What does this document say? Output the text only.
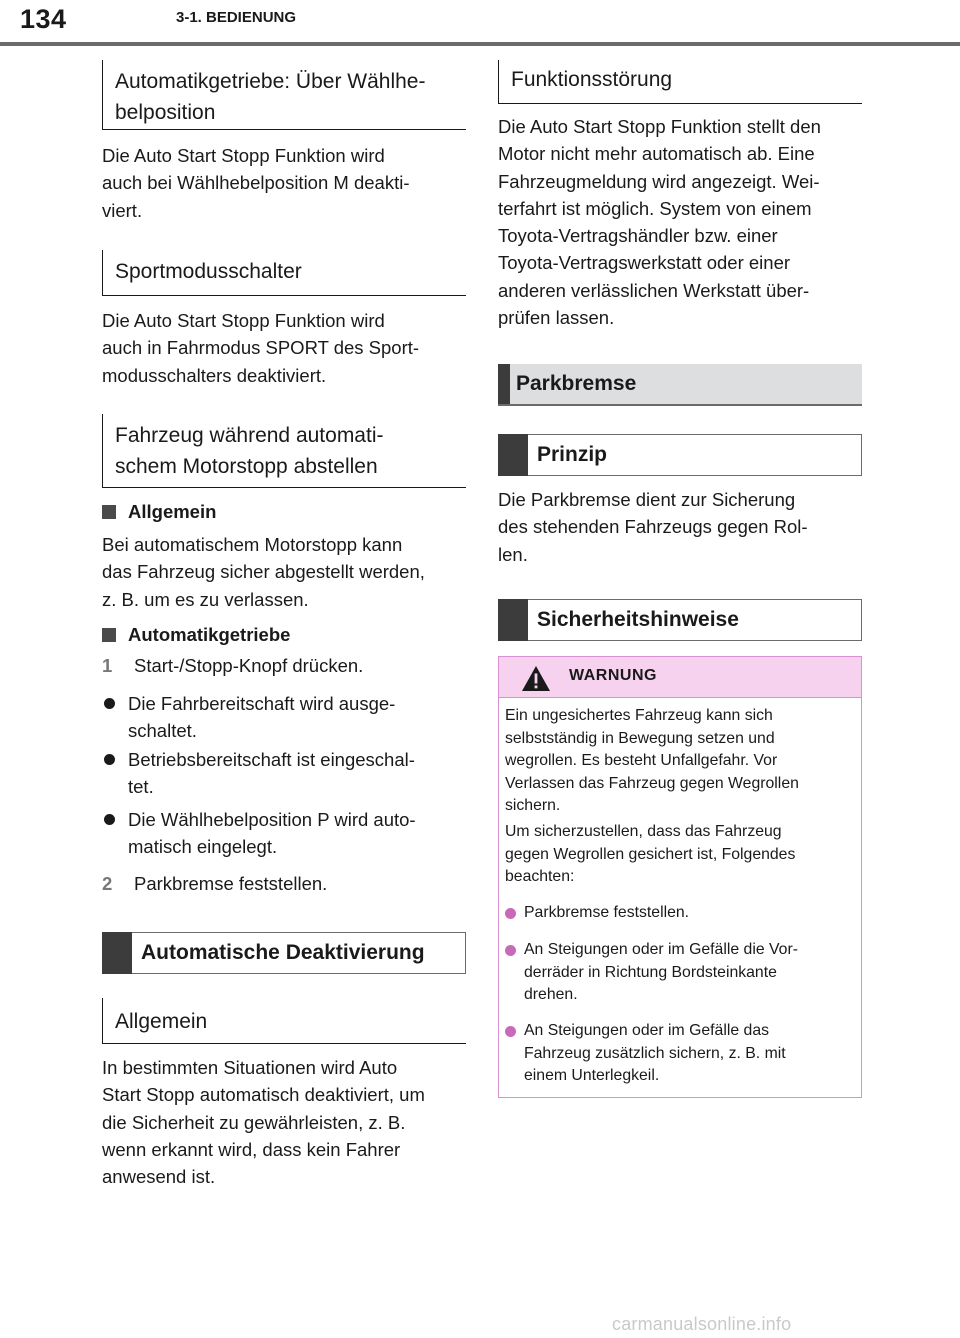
134	3-1. BEDIENUNG
Automatikgetriebe: Über Wählhe-
belposition
Die Auto Start Stopp Funktion wird
auch bei Wählhebelposition M deakti-
viert.
Sportmodusschalter
Die Auto Start Stopp Funktion wird
auch in Fahrmodus SPORT des Sport-
modusschalters deaktiviert.
Fahrzeug während automati-
schem Motorstopp abstellen
Allgemein
Bei automatischem Motorstopp kann
das Fahrzeug sicher abgestellt werden,
z. B. um es zu verlassen.
Automatikgetriebe
1 Start-/Stopp-Knopf drücken.
Die Fahrbereitschaft wird ausge-
schaltet.
Betriebsbereitschaft ist eingeschal-
tet.
Die Wählhebelposition P wird auto-
matisch eingelegt.
2 Parkbremse feststellen.
Automatische Deaktivierung
Allgemein
In bestimmten Situationen wird Auto
Start Stopp automatisch deaktiviert, um
die Sicherheit zu gewährleisten, z. B.
wenn erkannt wird, dass kein Fahrer
anwesend ist.
Funktionsstörung
Die Auto Start Stopp Funktion stellt den
Motor nicht mehr automatisch ab. Eine
Fahrzeugmeldung wird angezeigt. Wei-
terfahrt ist möglich. System von einem
Toyota-Vertragshändler bzw. einer
Toyota-Vertragswerkstatt oder einer
anderen verlässlichen Werkstatt über-
prüfen lassen.
Parkbremse
Prinzip
Die Parkbremse dient zur Sicherung
des stehenden Fahrzeugs gegen Rol-
len.
Sicherheitshinweise
WARNUNG
Ein ungesichertes Fahrzeug kann sich
selbstständig in Bewegung setzen und
wegrollen. Es besteht Unfallgefahr. Vor
Verlassen das Fahrzeug gegen Wegrollen
sichern.
Um sicherzustellen, dass das Fahrzeug
gegen Wegrollen gesichert ist, Folgendes
beachten:
Parkbremse feststellen.
An Steigungen oder im Gefälle die Vor-
derräder in Richtung Bordsteinkante
drehen.
An Steigungen oder im Gefälle das
Fahrzeug zusätzlich sichern, z. B. mit
einem Unterlegkeil.
carmanualsonline.info
